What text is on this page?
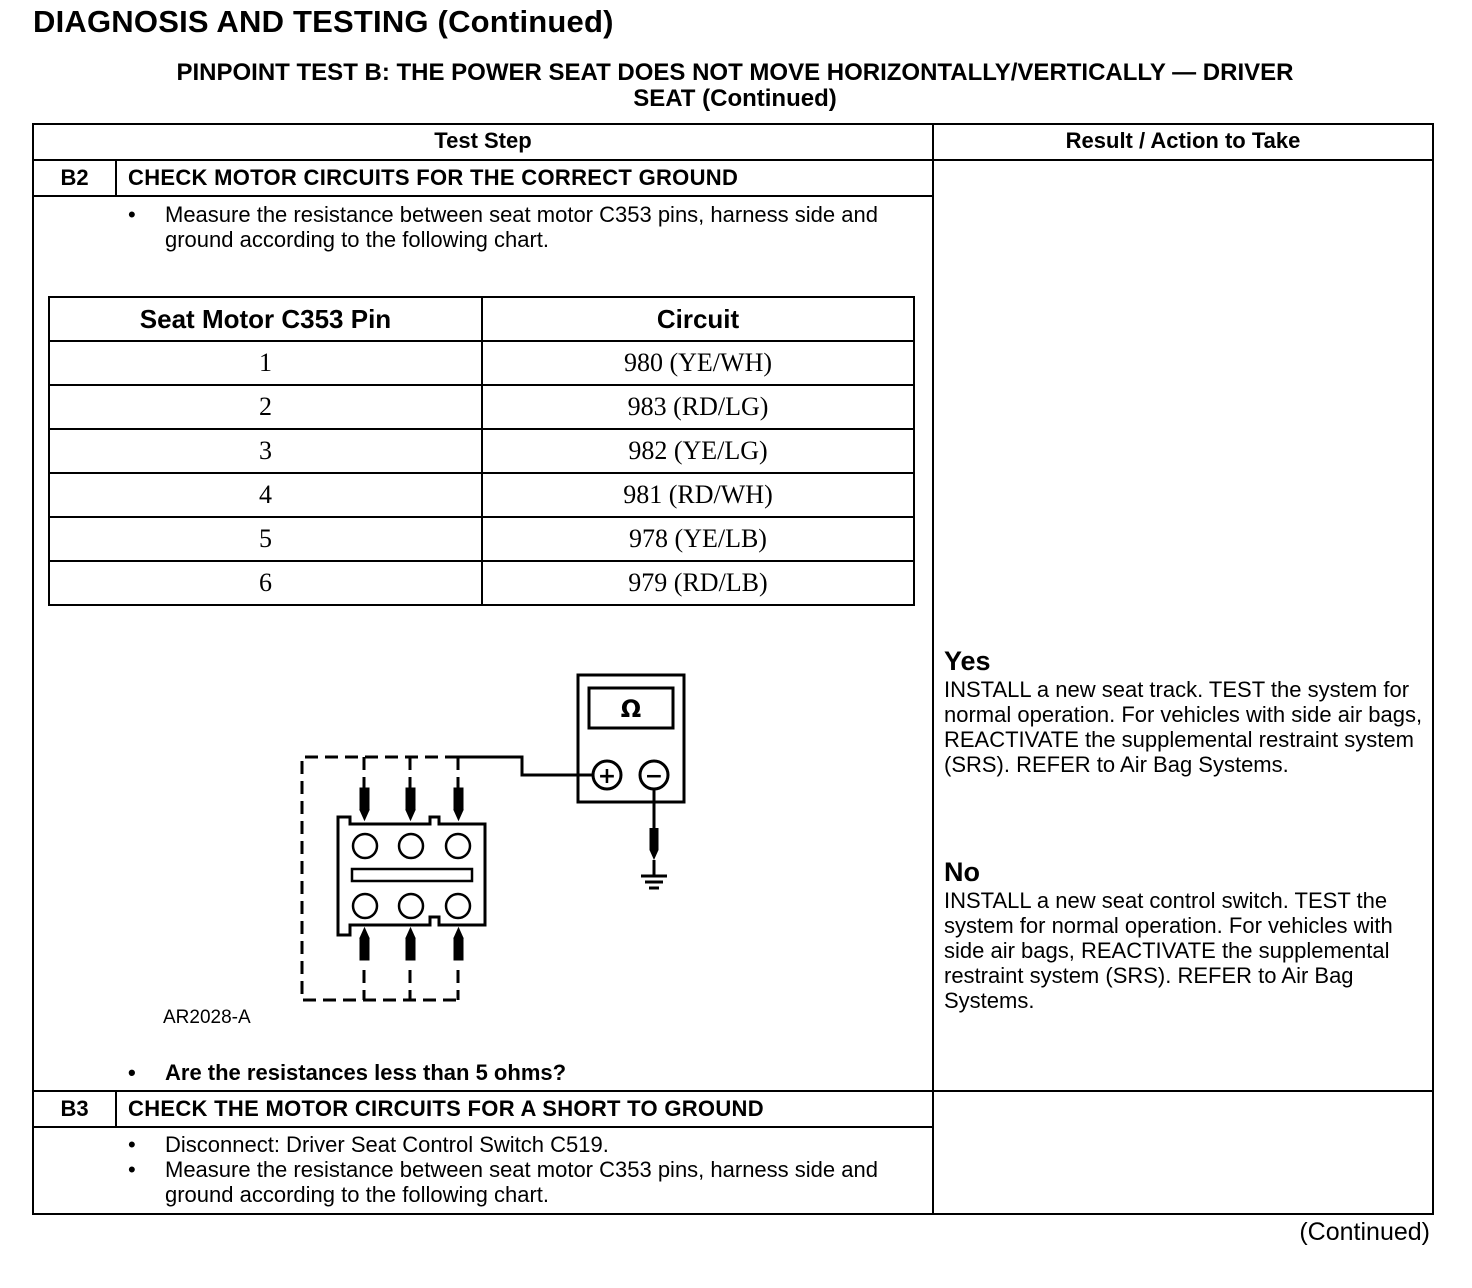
DIAGNOSIS AND TESTING (Continued)
PINPOINT TEST B: THE POWER SEAT DOES NOT MOVE HORIZONTALLY/VERTICALLY — DRIVER
SEAT (Continued)
Test Step	Result / Action to Take
B2	CHECK MOTOR CIRCUITS FOR THE CORRECT GROUND
• Measure the resistance between seat motor C353 pins, harness side and ground according to the following chart.
Seat Motor C353 Pin	Circuit
1	980 (YE/WH)
2	983 (RD/LG)
3	982 (YE/LG)
4	981 (RD/WH)
5	978 (YE/LB)
6	979 (RD/LB)
Ω
+ −
AR2028-A
• Are the resistances less than 5 ohms?
Yes
INSTALL a new seat track. TEST the system for normal operation. For vehicles with side air bags, REACTIVATE the supplemental restraint system (SRS). REFER to Air Bag Systems.
No
INSTALL a new seat control switch. TEST the system for normal operation. For vehicles with side air bags, REACTIVATE the supplemental restraint system (SRS). REFER to Air Bag Systems.
B3	CHECK THE MOTOR CIRCUITS FOR A SHORT TO GROUND
• Disconnect: Driver Seat Control Switch C519.
• Measure the resistance between seat motor C353 pins, harness side and ground according to the following chart.
(Continued)
